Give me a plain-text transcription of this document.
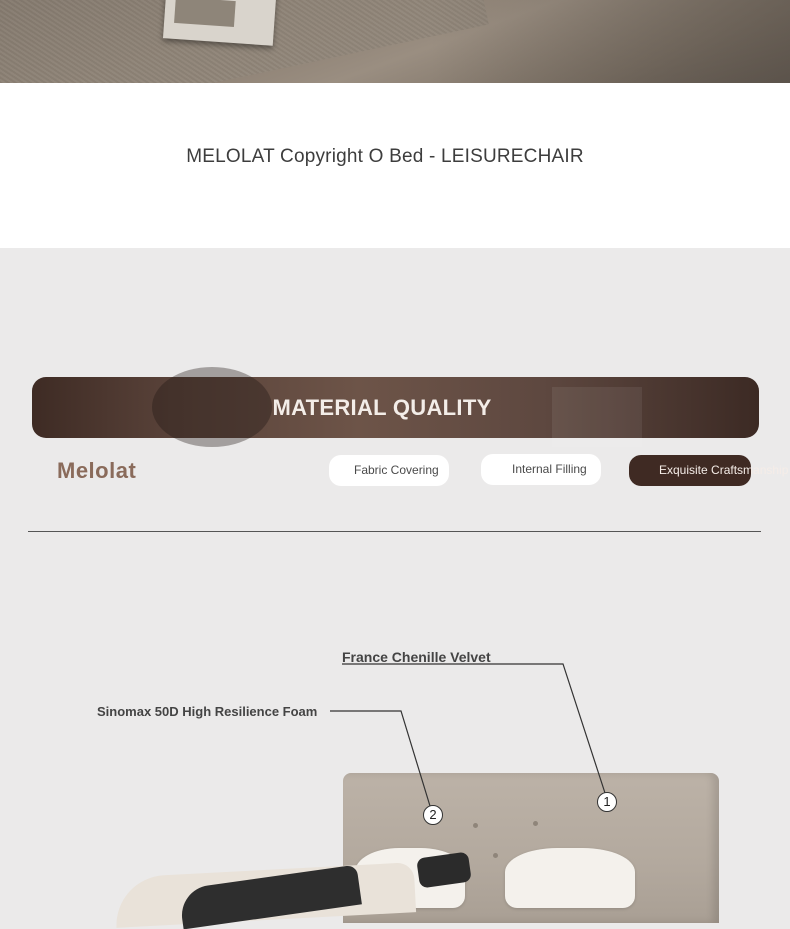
MELOLAT Copyright O Bed - LEISURECHAIR
MATERIAL QUALITY
Melolat	Fabric Covering	Internal Filling	Exquisite Craftsmanship
France Chenille Velvet
Sinomax 50D High Resilience Foam
1
2
